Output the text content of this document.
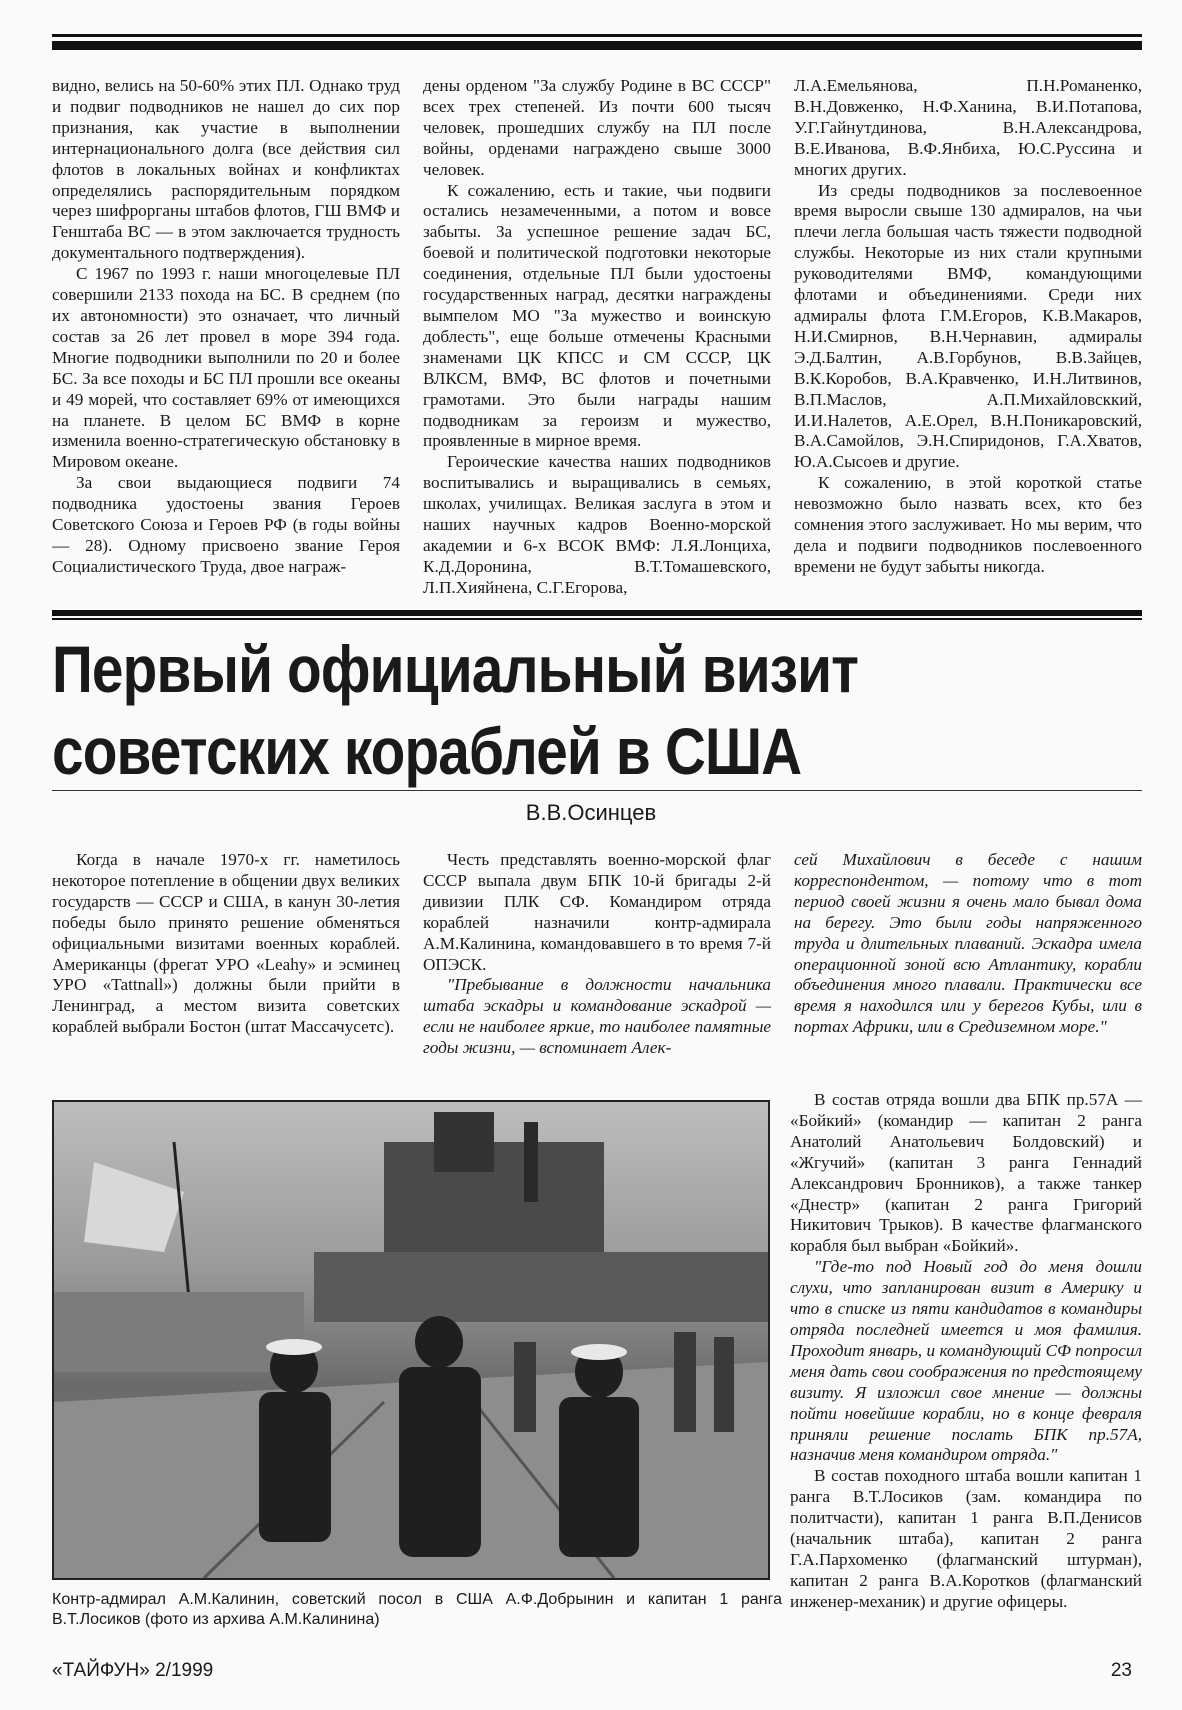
видно, велись на 50-60% этих ПЛ. Однако труд и подвиг подводников не нашел до сих пор признания, как участие в выполнении интернационального долга (все действия сил флотов в локальных войнах и конфликтах определялись распорядительным порядком через шифрорганы штабов флотов, ГШ ВМФ и Генштаба ВС — в этом заключается трудность документального подтверждения).

С 1967 по 1993 г. наши многоцелевые ПЛ совершили 2133 похода на БС. В среднем (по их автономности) это означает, что личный состав за 26 лет провел в море 394 года. Многие подводники выполнили по 20 и более БС. За все походы и БС ПЛ прошли все океаны и 49 морей, что составляет 69% от имеющихся на планете. В целом БС ВМФ в корне изменила военно-стратегическую обстановку в Мировом океане.

За свои выдающиеся подвиги 74 подводника удостоены звания Героев Советского Союза и Героев РФ (в годы войны — 28). Одному присвоено звание Героя Социалистического Труда, двое награж-

дены орденом "За службу Родине в ВС СССР" всех трех степеней. Из почти 600 тысяч человек, прошедших службу на ПЛ после войны, орденами награждено свыше 3000 человек.

К сожалению, есть и такие, чьи подвиги остались незамеченными, а потом и вовсе забыты. За успешное решение задач БС, боевой и политической подготовки некоторые соединения, отдельные ПЛ были удостоены государственных наград, десятки награждены вымпелом МО "За мужество и воинскую доблесть", еще больше отмечены Красными знаменами ЦК КПСС и СМ СССР, ЦК ВЛКСМ, ВМФ, ВС флотов и почетными грамотами. Это были награды нашим подводникам за героизм и мужество, проявленные в мирное время.

Героические качества наших подводников воспитывались и выращивались в семьях, школах, училищах. Великая заслуга в этом и наших научных кадров Военно-морской академии и 6-х ВСОК ВМФ: Л.Я.Лонциха, К.Д.Доронина, В.Т.Томашевского, Л.П.Хияйнена, С.Г.Егорова,

Л.А.Емельянова, П.Н.Романенко, В.Н.Довженко, Н.Ф.Ханина, В.И.Потапова, У.Г.Гайнутдинова, В.Н.Александрова, В.Е.Иванова, В.Ф.Янбиха, Ю.С.Руссина и многих других.

Из среды подводников за послевоенное время выросли свыше 130 адмиралов, на чьи плечи легла большая часть тяжести подводной службы. Некоторые из них стали крупными руководителями ВМФ, командующими флотами и объединениями. Среди них адмиралы флота Г.М.Егоров, К.В.Макаров, Н.И.Смирнов, В.Н.Чернавин, адмиралы Э.Д.Балтин, А.В.Горбунов, В.В.Зайцев, В.К.Коробов, В.А.Кравченко, И.Н.Литвинов, В.П.Маслов, А.П.Михайловсккий, И.И.Налетов, А.Е.Орел, В.Н.Поникаровский, В.А.Самойлов, Э.Н.Спиридонов, Г.А.Хватов, Ю.А.Сысоев и другие.

К сожалению, в этой короткой статье невозможно было назвать всех, кто без сомнения этого заслуживает. Но мы верим, что дела и подвиги подводников послевоенного времени не будут забыты никогда.

Первый официальный визит
советских кораблей в США
В.В.Осинцев

Когда в начале 1970-х гг. наметилось некоторое потепление в общении двух великих государств — СССР и США, в канун 30-летия победы было принято решение обменяться официальными визитами военных кораблей. Американцы (фрегат УРО «Leahy» и эсминец УРО «Tattnall») должны были прийти в Ленинград, а местом визита советских кораблей выбрали Бостон (штат Массачусетс).

Честь представлять военно-морской флаг СССР выпала двум БПК 10-й бригады 2-й дивизии ПЛК СФ. Командиром отряда кораблей назначили контр-адмирала А.М.Калинина, командовавшего в то время 7-й ОПЭСК.

"Пребывание в должности начальника штаба эскадры и командование эскадрой — если не наиболее яркие, то наиболее памятные годы жизни, — вспоминает Алек-

сей Михайлович в беседе с нашим корреспондентом, — потому что в тот период своей жизни я очень мало бывал дома на берегу. Это были годы напряженного труда и длительных плаваний. Эскадра имела операционной зоной всю Атлантику, корабли объединения много плавали. Практически все время я находился или у берегов Кубы, или в портах Африки, или в Средиземном море."

В состав отряда вошли два БПК пр.57А — «Бойкий» (командир — капитан 2 ранга Анатолий Анатольевич Болдовский) и «Жгучий» (капитан 3 ранга Геннадий Александрович Бронников), а также танкер «Днестр» (капитан 2 ранга Григорий Никитович Трыков). В качестве флагманского корабля был выбран «Бойкий».

"Где-то под Новый год до меня дошли слухи, что запланирован визит в Америку и что в списке из пяти кандидатов в командиры отряда последней имеется и моя фамилия. Проходит январь, и командующий СФ попросил меня дать свои соображения по предстоящему визиту. Я изложил свое мнение — должны пойти новейшие корабли, но в конце февраля приняли решение послать БПК пр.57А, назначив меня командиром отряда."

В состав походного штаба вошли капитан 1 ранга В.Т.Лосиков (зам. командира по политчасти), капитан 1 ранга В.П.Денисов (начальник штаба), капитан 2 ранга Г.А.Пархоменко (флагманский штурман), капитан 2 ранга В.А.Коротков (флагманский инженер-механик) и другие офицеры.

Контр-адмирал А.М.Калинин, советский посол в США А.Ф.Добрынин и капитан 1 ранга В.Т.Лосиков (фото из архива А.М.Калинина)
«ТАЙФУН» 2/1999	23
